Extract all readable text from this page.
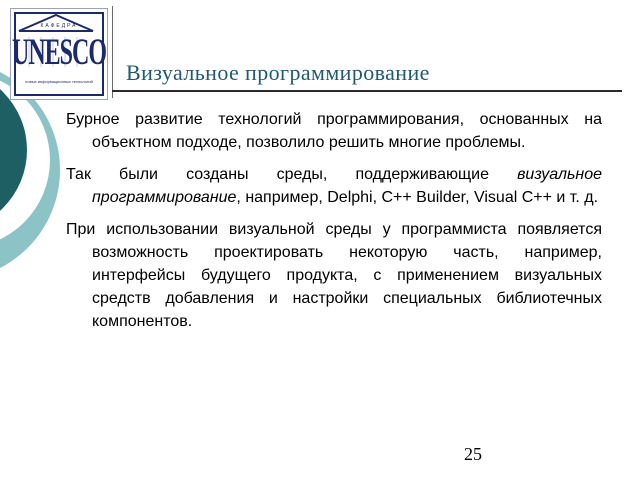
КАФЕДРА
UNESCO
новых информационных технологий	Визуальное программирование

Бурное развитие технологий программирования, основанных на объектном подходе, позволило решить многие проблемы.

Так были созданы среды, поддерживающие визуальное программирование, например, Delphi, C++ Builder, Visual C++ и т. д.

При использовании визуальной среды у программиста появляется возможность проектировать некоторую часть, например, интерфейсы будущего продукта, с применением визуальных средств добавления и настройки специальных библиотечных компонентов.

25
